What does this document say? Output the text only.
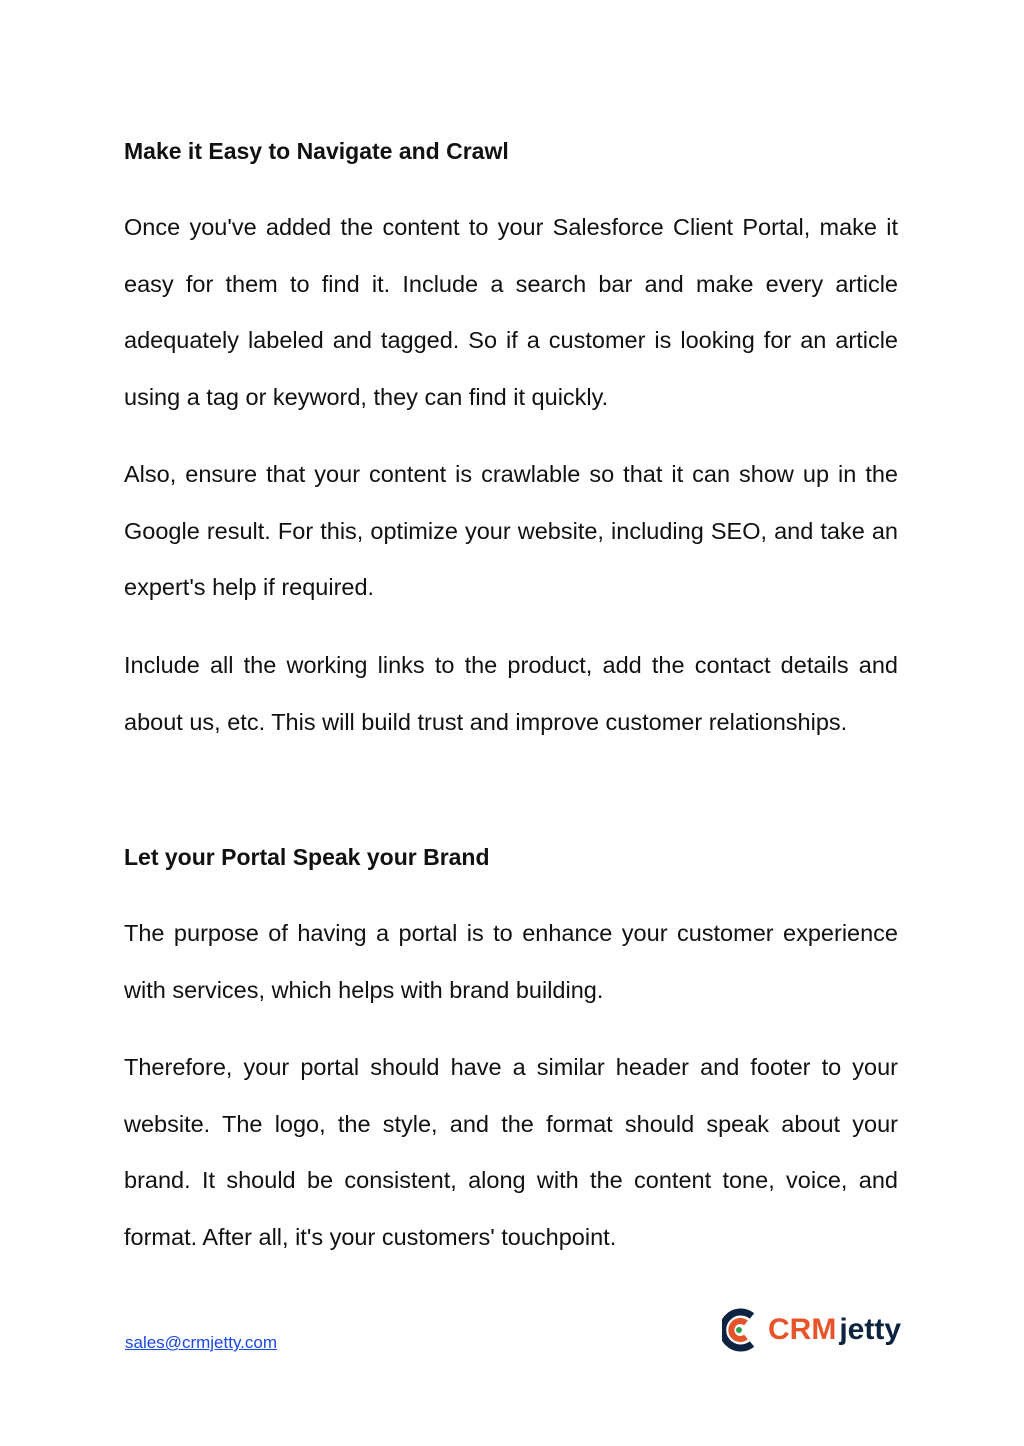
Make it Easy to Navigate and Crawl

Once you've added the content to your Salesforce Client Portal, make it easy for them to find it. Include a search bar and make every article adequately labeled and tagged. So if a customer is looking for an article using a tag or keyword, they can find it quickly.

Also, ensure that your content is crawlable so that it can show up in the Google result. For this, optimize your website, including SEO, and take an expert's help if required.

Include all the working links to the product, add the contact details and about us, etc. This will build trust and improve customer relationships.

Let your Portal Speak your Brand

The purpose of having a portal is to enhance your customer experience with services, which helps with brand building.

Therefore, your portal should have a similar header and footer to your website. The logo, the style, and the format should speak about your brand. It should be consistent, along with the content tone, voice, and format. After all, it's your customers' touchpoint.

sales@crmjetty.com	CRM jetty
